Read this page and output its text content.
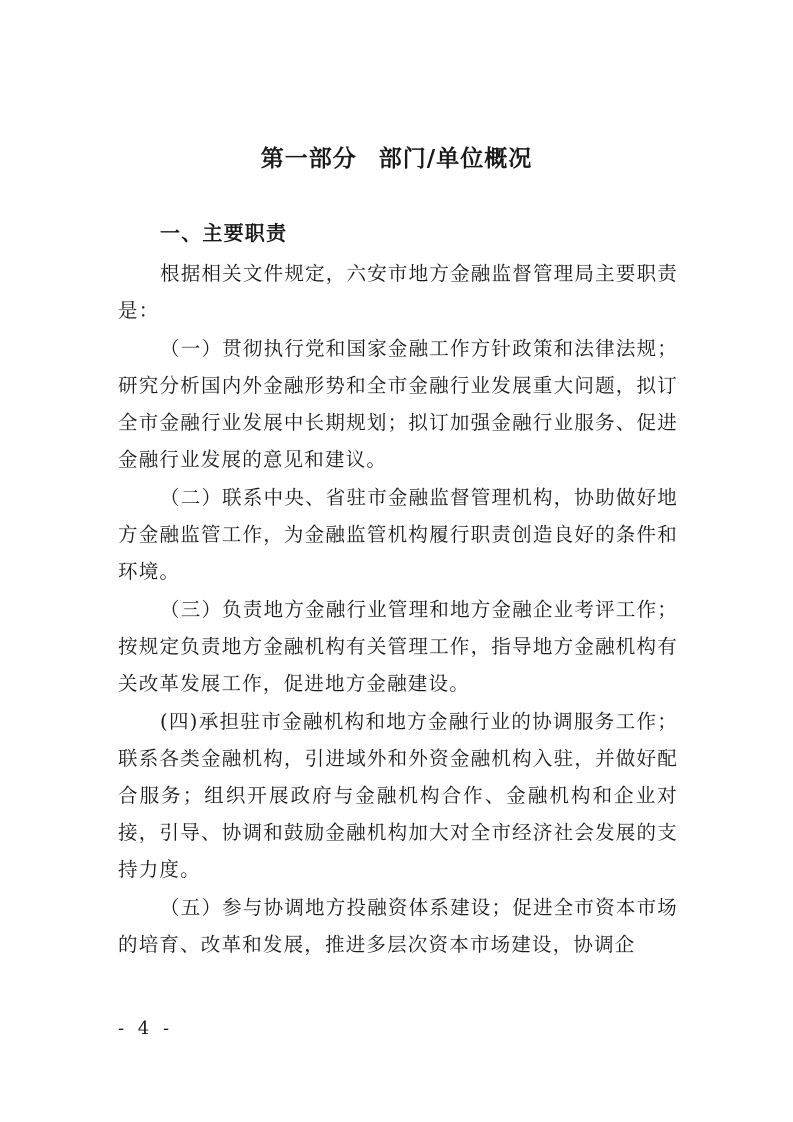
第一部分 部门/单位概况

一、主要职责

根据相关文件规定，六安市地方金融监督管理局主要职责是：

（一）贯彻执行党和国家金融工作方针政策和法律法规；研究分析国内外金融形势和全市金融行业发展重大问题，拟订全市金融行业发展中长期规划；拟订加强金融行业服务、促进金融行业发展的意见和建议。

（二）联系中央、省驻市金融监督管理机构，协助做好地方金融监管工作，为金融监管机构履行职责创造良好的条件和环境。

（三）负责地方金融行业管理和地方金融企业考评工作；按规定负责地方金融机构有关管理工作，指导地方金融机构有关改革发展工作，促进地方金融建设。

(四)承担驻市金融机构和地方金融行业的协调服务工作；联系各类金融机构，引进域外和外资金融机构入驻，并做好配合服务；组织开展政府与金融机构合作、金融机构和企业对接，引导、协调和鼓励金融机构加大对全市经济社会发展的支持力度。

（五）参与协调地方投融资体系建设；促进全市资本市场的培育、改革和发展，推进多层次资本市场建设，协调企

- 4 -
